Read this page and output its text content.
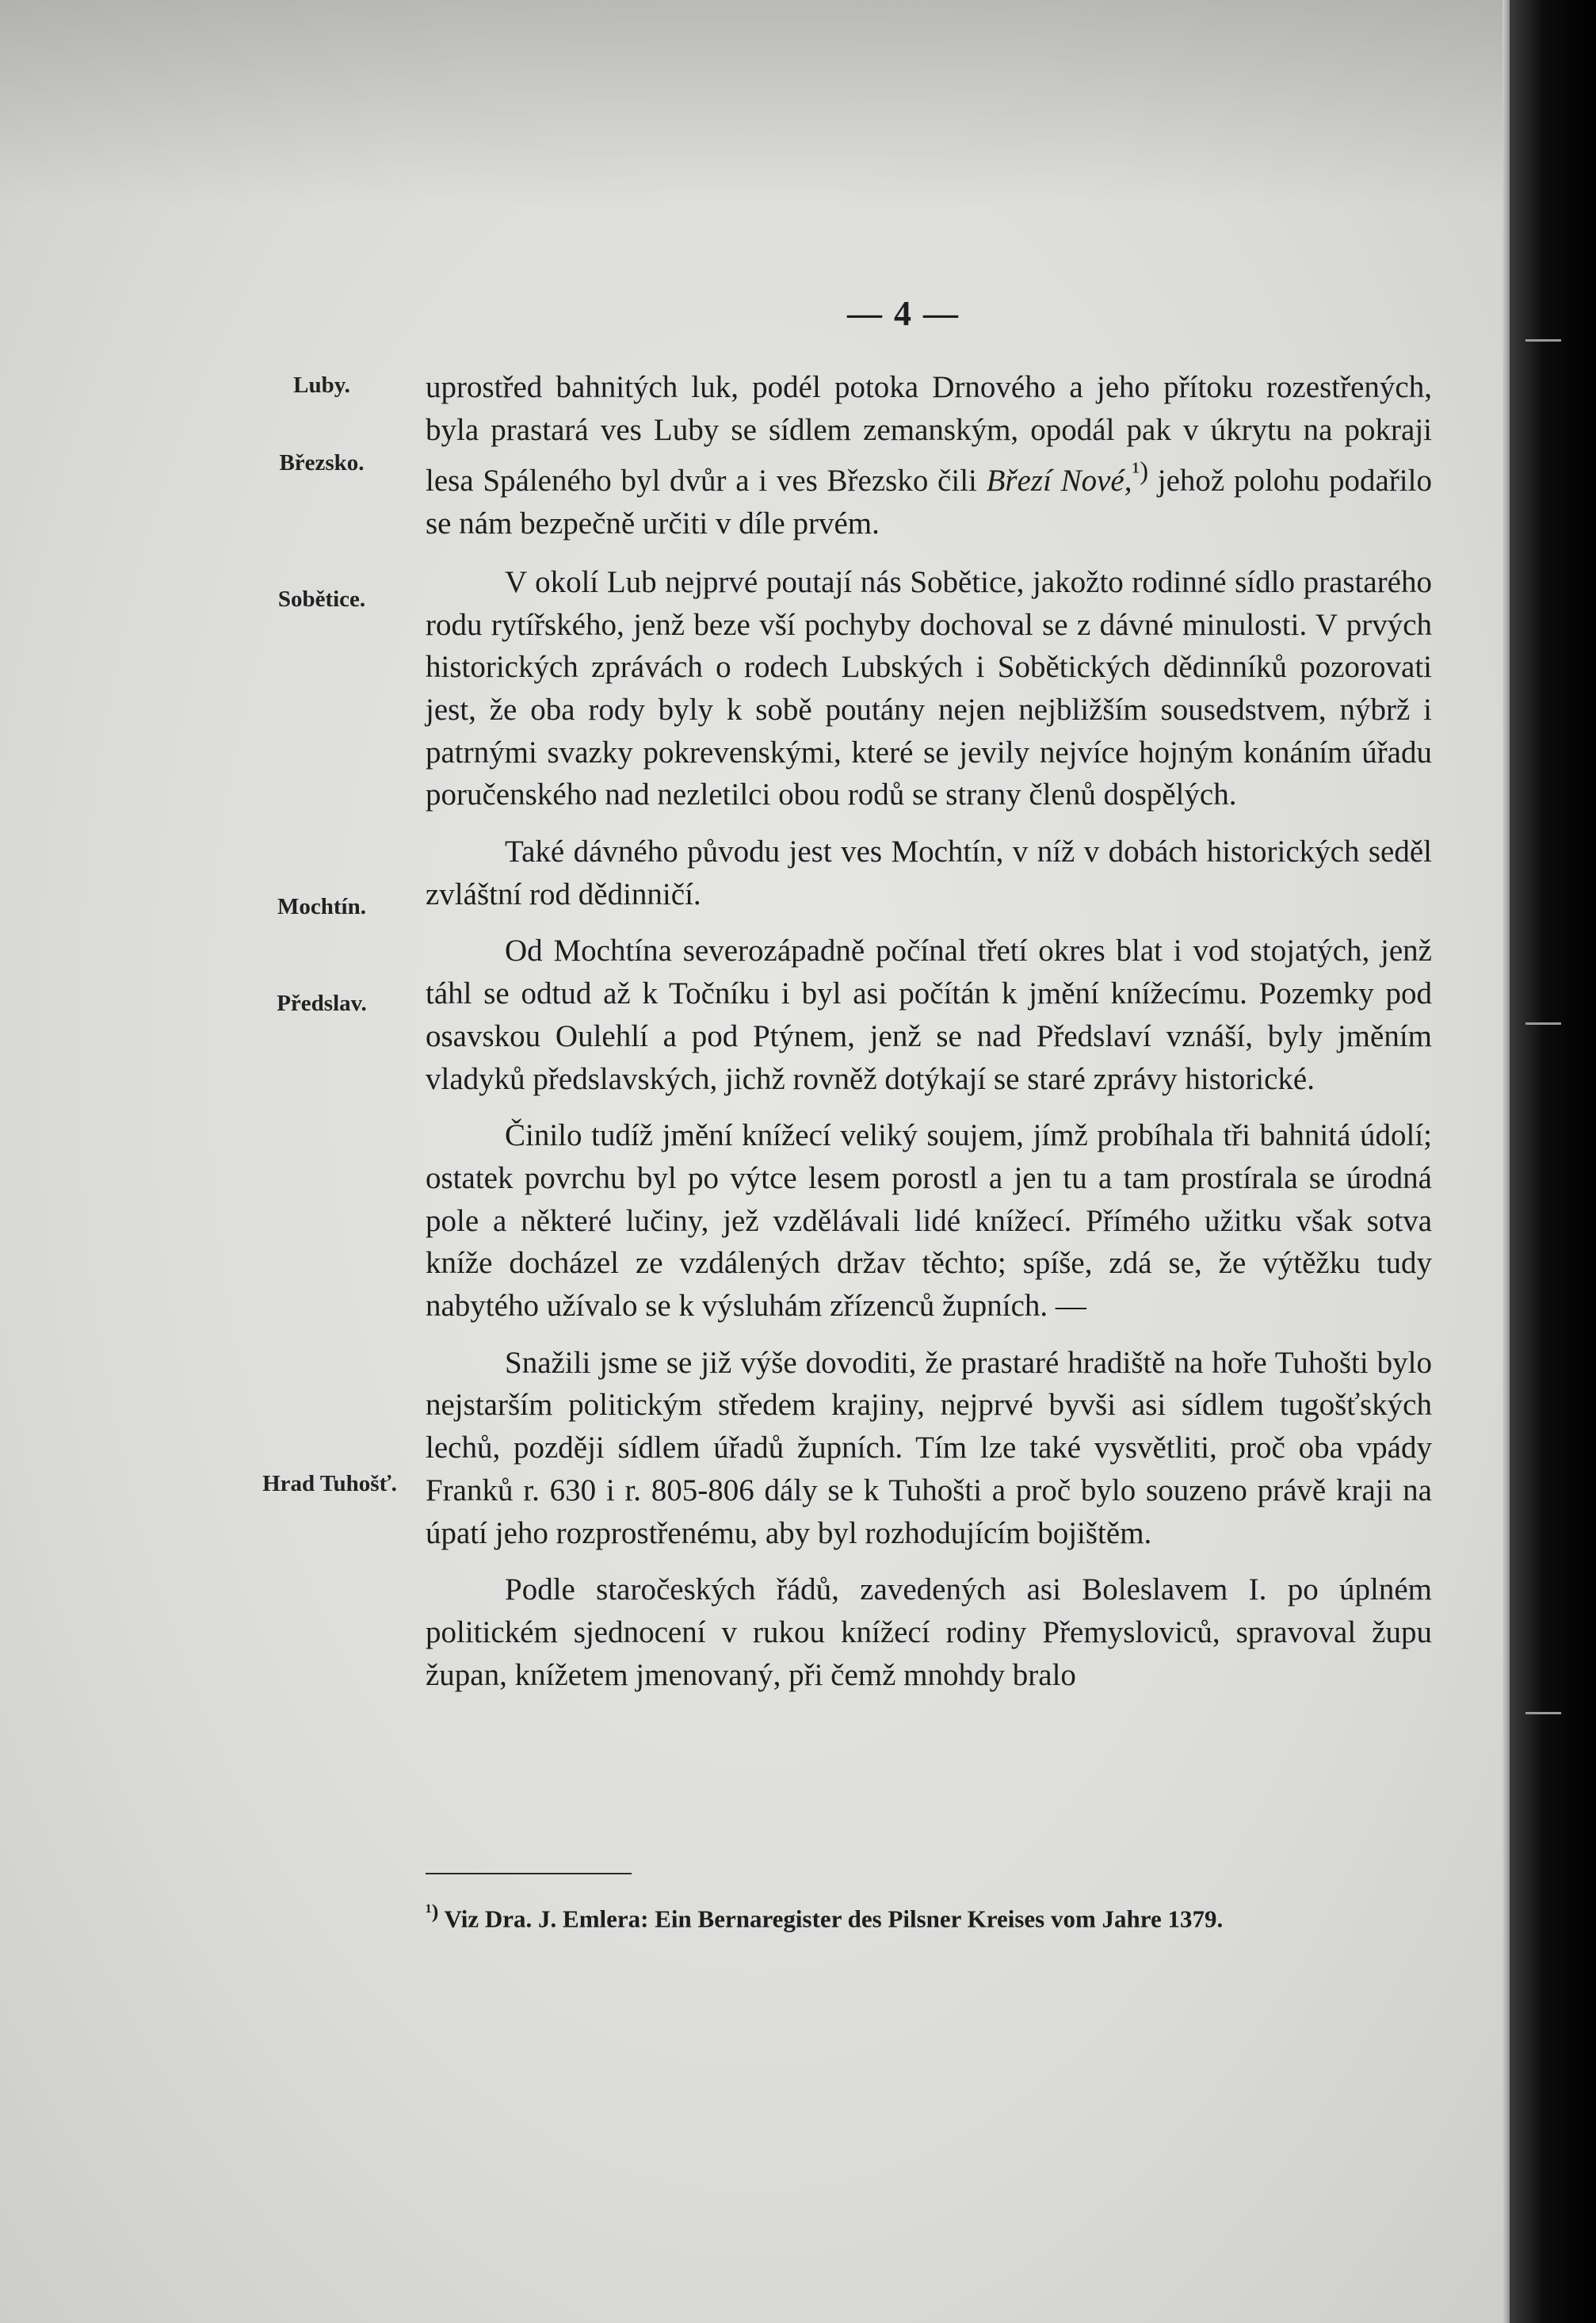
— 4 —
Luby.
Březsko.
Sobětice.
Mochtín.
Předslav.
Hrad Tuhošť.

uprostřed bahnitých luk, podél potoka Drnového a jeho přítoku rozestřených, byla prastará ves Luby se sídlem zemanským, opodál pak v úkrytu na pokraji lesa Spáleného byl dvůr a i ves Březsko čili Březí Nové,$^{^1)}$ jehož polohu podařilo se nám bezpečně určiti v díle prvém.

V okolí Lub nejprvé poutají nás Sobětice, jakožto rodinné sídlo prastarého rodu rytířského, jenž beze vší pochyby dochoval se z dávné minulosti. V prvých historických zprávách o rodech Lubských i Sobětických dědinníků pozorovati jest, že oba rody byly k sobě poutány nejen nejbližším sousedstvem, nýbrž i patrnými svazky pokrevenskými, které se jevily nejvíce hojným konáním úřadu poručenského nad nezletilci obou rodů se strany členů dospělých.

Také dávného původu jest ves Mochtín, v níž v dobách historických seděl zvláštní rod dědinničí.

Od Mochtína severozápadně počínal třetí okres blat i vod stojatých, jenž táhl se odtud až k Točníku i byl asi počítán k jmění knížecímu. Pozemky pod osavskou Oulehlí a pod Ptýnem, jenž se nad Předslaví vznáší, byly jměním vladyků předslavských, jichž rovněž dotýkají se staré zprávy historické.

Činilo tudíž jmění knížecí veliký soujem, jímž probíhala tři bahnitá údolí; ostatek povrchu byl po výtce lesem porostl a jen tu a tam prostírala se úrodná pole a některé lučiny, jež vzdělávali lidé knížecí. Přímého užitku však sotva kníže docházel ze vzdálených držav těchto; spíše, zdá se, že výtěžku tudy nabytého užívalo se k výsluhám zřízenců župních. —

Snažili jsme se již výše dovoditi, že prastaré hradiště na hoře Tuhošti bylo nejstarším politickým středem krajiny, nejprvé byvši asi sídlem tugošťských lechů, později sídlem úřadů župních. Tím lze také vysvětliti, proč oba vpády Franků r. 630 i r. 805-806 dály se k Tuhošti a proč bylo souzeno právě kraji na úpatí jeho rozprostřenému, aby byl rozhodujícím bojištěm.

Podle staročeských řádů, zavedených asi Boleslavem I. po úplném politickém sjednocení v rukou knížecí rodiny Přemysloviců, spravoval župu župan, knížetem jmenovaný, při čemž mnohdy bralo

$^{^1)}$ Viz Dra. J. Emlera: Ein Bernaregister des Pilsner Kreises vom Jahre 1379.
